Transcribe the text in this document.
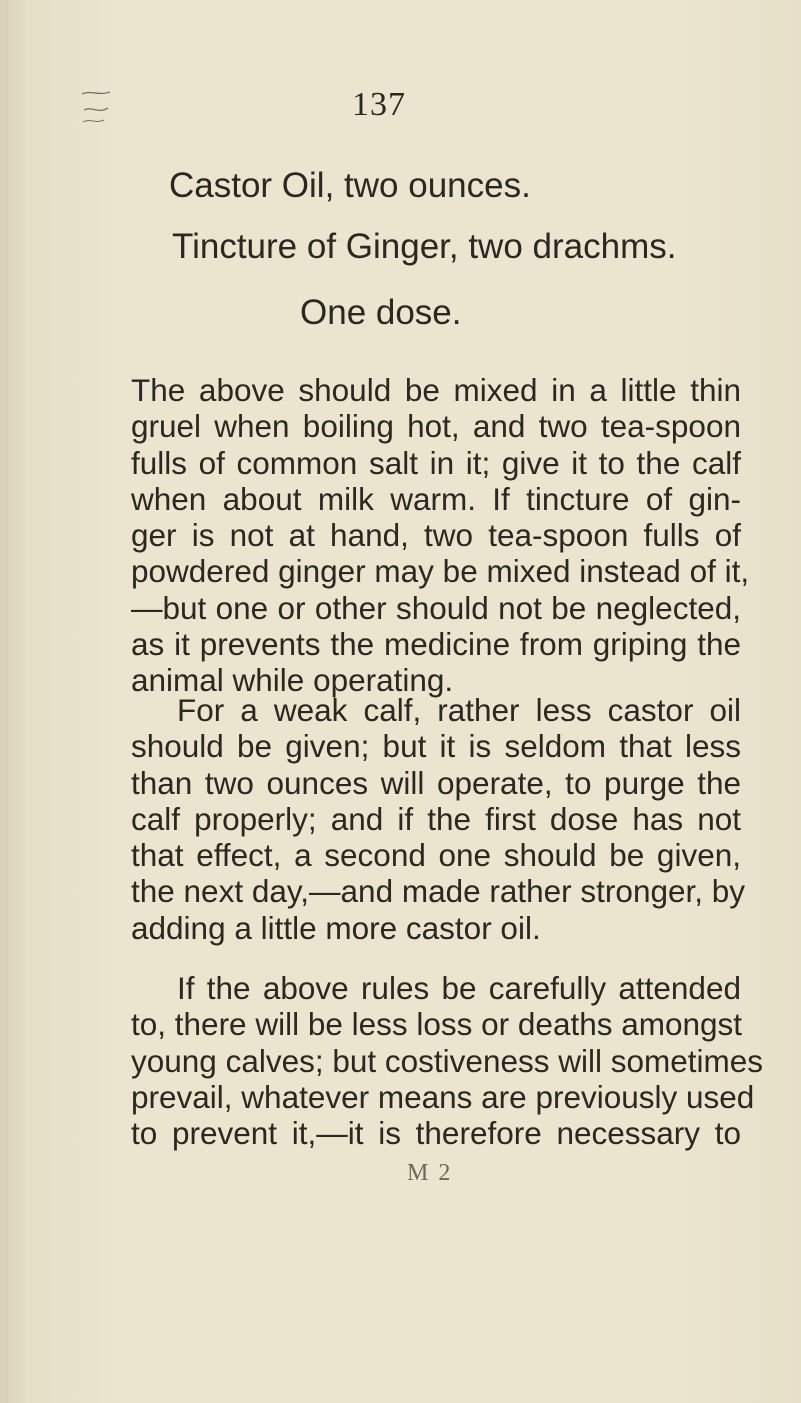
137
Castor Oil, two ounces.
Tincture of Ginger, two drachms.
One dose.
The above should be mixed in a little thin
gruel when boiling hot, and two tea-spoon
fulls of common salt in it; give it to the calf
when about milk warm. If tincture of gin-
ger is not at hand, two tea-spoon fulls of
powdered ginger may be mixed instead of it,
—but one or other should not be neglected,
as it prevents the medicine from griping the
animal while operating.
For a weak calf, rather less castor oil
should be given; but it is seldom that less
than two ounces will operate, to purge the
calf properly; and if the first dose has not
that effect, a second one should be given,
the next day,—and made rather stronger, by
adding a little more castor oil.
If the above rules be carefully attended
to, there will be less loss or deaths amongst
young calves; but costiveness will sometimes
prevail, whatever means are previously used
to prevent it,—it is therefore necessary to
M 2
